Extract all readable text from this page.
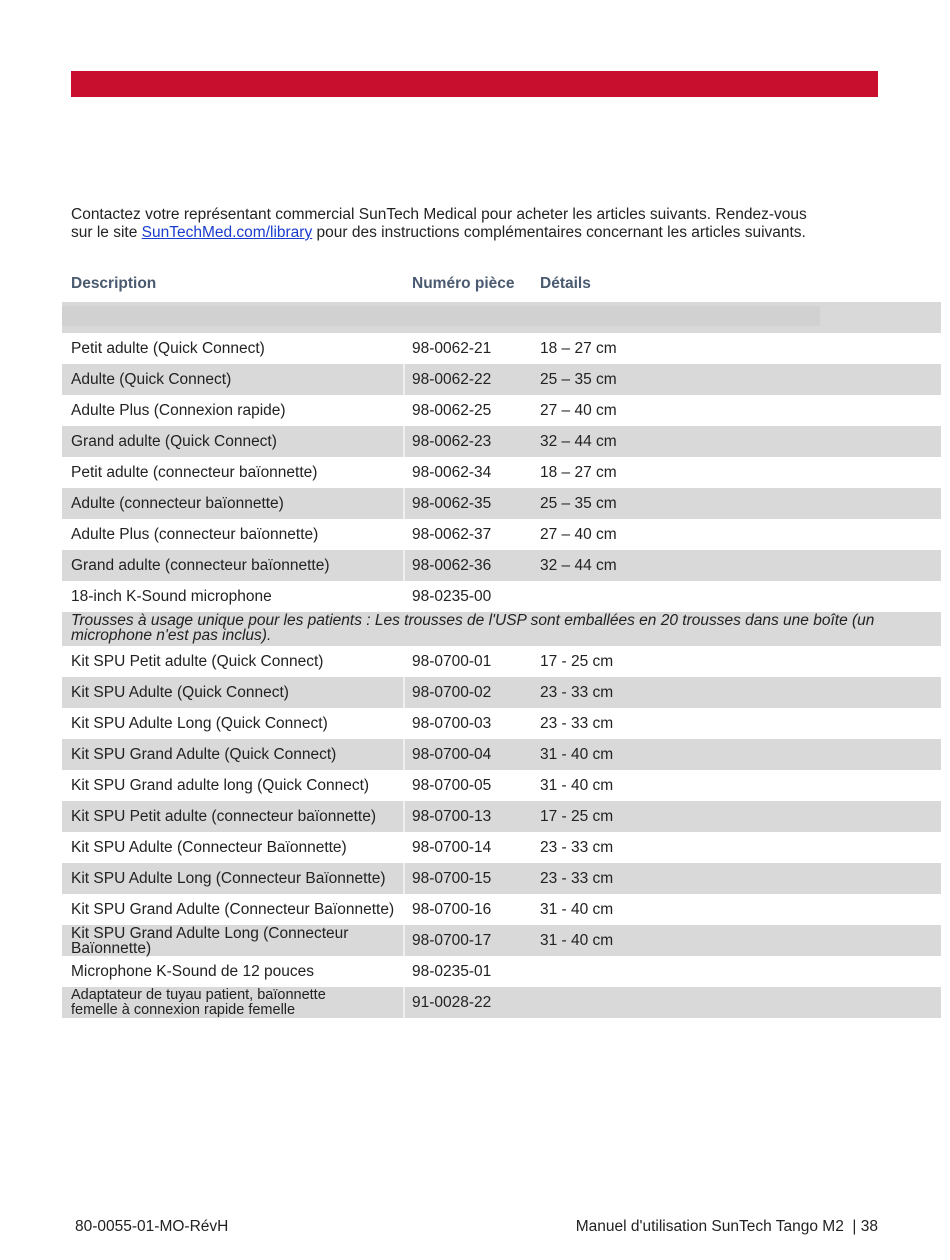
Contactez votre représentant commercial SunTech Medical pour acheter les articles suivants. Rendez-vous
sur le site SunTechMed.com/library pour des instructions complémentaires concernant les articles suivants.
Description	Numéro pièce Détails
Petit adulte (Quick Connect)	98-0062-21	18 – 27 cm
Adulte (Quick Connect)	98-0062-22	25 – 35 cm
Adulte Plus (Connexion rapide)	98-0062-25	27 – 40 cm
Grand adulte (Quick Connect)	98-0062-23	32 – 44 cm
Petit adulte (connecteur baïonnette)	98-0062-34	18 – 27 cm
Adulte (connecteur baïonnette)	98-0062-35	25 – 35 cm
Adulte Plus (connecteur baïonnette)	98-0062-37	27 – 40 cm
Grand adulte (connecteur baïonnette)	98-0062-36	32 – 44 cm
18-inch K-Sound microphone	98-0235-00
Trousses à usage unique pour les patients : Les trousses de l'USP sont emballées en 20 trousses dans une boîte (un microphone n'est pas inclus).
Kit SPU Petit adulte (Quick Connect)	98-0700-01	17 - 25 cm
Kit SPU Adulte (Quick Connect)	98-0700-02	23 - 33 cm
Kit SPU Adulte Long (Quick Connect)	98-0700-03	23 - 33 cm
Kit SPU Grand Adulte (Quick Connect)	98-0700-04	31 - 40 cm
Kit SPU Grand adulte long (Quick Connect)	98-0700-05	31 - 40 cm
Kit SPU Petit adulte (connecteur baïonnette)	98-0700-13	17 - 25 cm
Kit SPU Adulte (Connecteur Baïonnette)	98-0700-14	23 - 33 cm
Kit SPU Adulte Long (Connecteur Baïonnette)	98-0700-15	23 - 33 cm
Kit SPU Grand Adulte (Connecteur Baïonnette)	98-0700-16	31 - 40 cm
Kit SPU Grand Adulte Long (Connecteur Baïonnette)	98-0700-17	31 - 40 cm
Microphone K-Sound de 12 pouces	98-0235-01
Adaptateur de tuyau patient, baïonnette femelle à connexion rapide femelle	91-0028-22
80-0055-01-MO-RévH	Manuel d'utilisation SunTech Tango M2  | 38
